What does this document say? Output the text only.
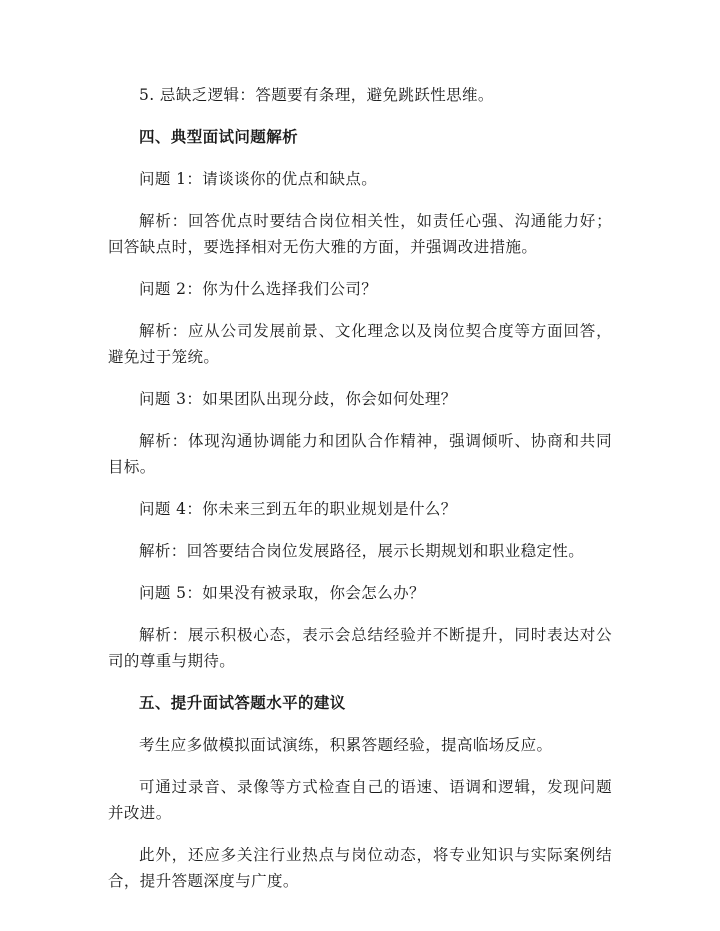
5. 忌缺乏逻辑：答题要有条理，避免跳跃性思维。

四、典型面试问题解析

问题 1：请谈谈你的优点和缺点。

解析：回答优点时要结合岗位相关性，如责任心强、沟通能力好；回答缺点时，要选择相对无伤大雅的方面，并强调改进措施。

问题 2：你为什么选择我们公司？

解析：应从公司发展前景、文化理念以及岗位契合度等方面回答，避免过于笼统。

问题 3：如果团队出现分歧，你会如何处理？

解析：体现沟通协调能力和团队合作精神，强调倾听、协商和共同目标。

问题 4：你未来三到五年的职业规划是什么？

解析：回答要结合岗位发展路径，展示长期规划和职业稳定性。

问题 5：如果没有被录取，你会怎么办？

解析：展示积极心态，表示会总结经验并不断提升，同时表达对公司的尊重与期待。

五、提升面试答题水平的建议

考生应多做模拟面试演练，积累答题经验，提高临场反应。

可通过录音、录像等方式检查自己的语速、语调和逻辑，发现问题并改进。

此外，还应多关注行业热点与岗位动态，将专业知识与实际案例结合，提升答题深度与广度。
